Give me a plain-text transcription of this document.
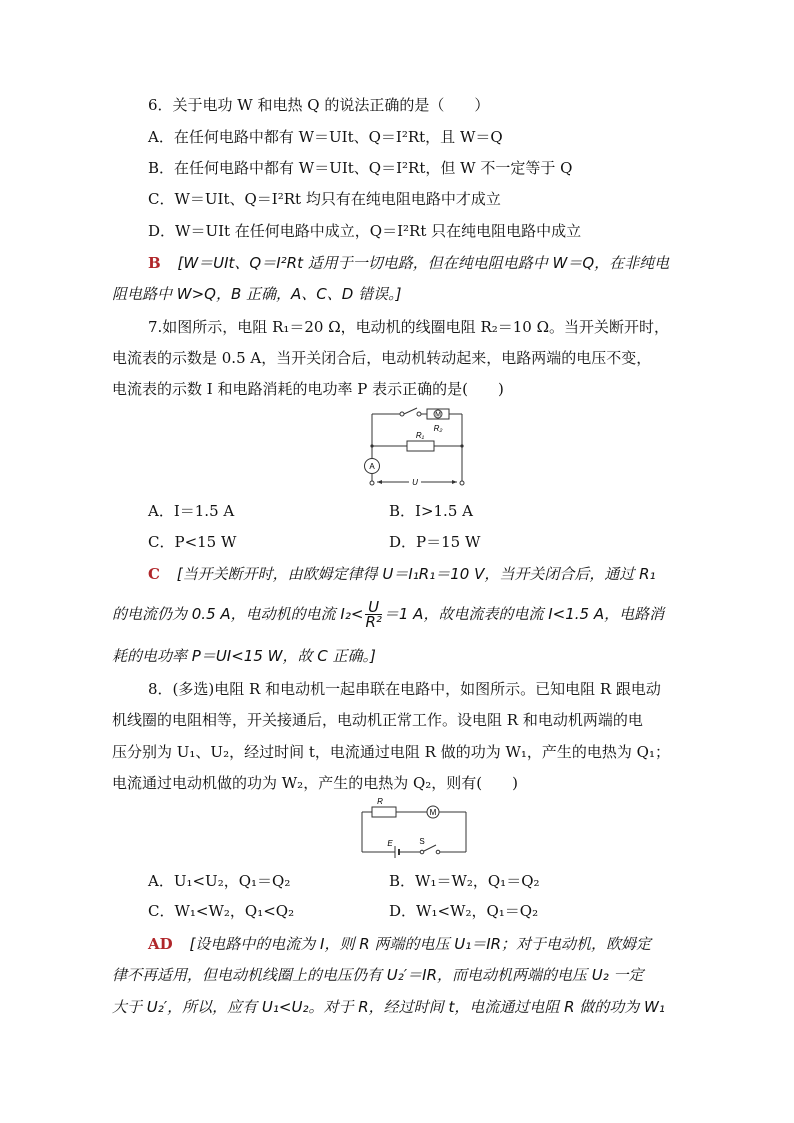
6．关于电功 W 和电热 Q 的说法正确的是（　　）
A．在任何电路中都有 W＝UIt、Q＝I²Rt，且 W＝Q
B．在任何电路中都有 W＝UIt、Q＝I²Rt，但 W 不一定等于 Q
C．W＝UIt、Q＝I²Rt 均只有在纯电阻电路中才成立
D．W＝UIt 在任何电路中成立，Q＝I²Rt 只在纯电阻电路中成立
B [W＝UIt、Q＝I²Rt 适用于一切电路，但在纯电阻电路中 W＝Q，在非纯电
阻电路中 W>Q，B 正确，A、C、D 错误。]
7.如图所示，电阻 R₁＝20 Ω，电动机的线圈电阻 R₂＝10 Ω。当开关断开时，
电流表的示数是 0.5 A，当开关闭合后，电动机转动起来，电路两端的电压不变，
电流表的示数 I 和电路消耗的电功率 P 表示正确的是(　　)
M
R₂
R₁
A
U
A．I＝1.5 A	B．I>1.5 A
C．P<15 W	D．P＝15 W
C [当开关断开时，由欧姆定律得 U＝I₁R₁＝10 V，当开关闭合后，通过 R₁
的电流仍为 0.5 A，电动机的电流 $I_2< \frac{U}{\text{R²}} =1$ A，故电流表的电流 I<1.5 A，电路消
耗的电功率 P＝UI<15 W，故 C 正确。]
8．(多选)电阻 R 和电动机一起串联在电路中，如图所示。已知电阻 R 跟电动
机线圈的电阻相等，开关接通后，电动机正常工作。设电阻 R 和电动机两端的电
压分别为 U₁、U₂，经过时间 t，电流通过电阻 R 做的功为 W₁，产生的电热为 Q₁；
电流通过电动机做的功为 W₂，产生的电热为 Q₂，则有(　　)
R
M
E	S
A．U₁<U₂，Q₁＝Q₂	B．W₁＝W₂，Q₁＝Q₂
C．W₁<W₂，Q₁<Q₂	D．W₁<W₂，Q₁＝Q₂
AD [设电路中的电流为 I，则 R 两端的电压 U₁＝IR；对于电动机，欧姆定
律不再适用，但电动机线圈上的电压仍有 U₂′＝IR，而电动机两端的电压 U₂ 一定
大于 U₂′，所以，应有 U₁<U₂。对于 R，经过时间 t，电流通过电阻 R 做的功为 W₁
